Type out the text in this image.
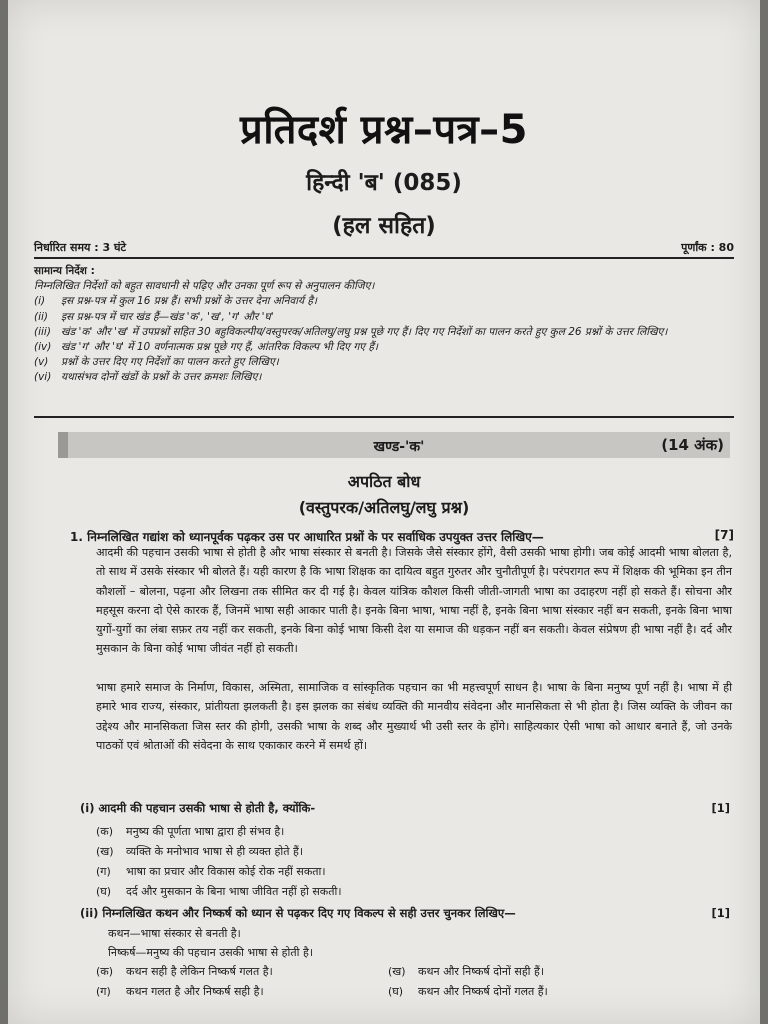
प्रतिदर्श प्रश्न–पत्र–5
हिन्दी 'ब' (085)
(हल सहित)
निर्धारित समय : 3 घंटे	पूर्णांक : 80
सामान्य निर्देश :
निम्नलिखित निर्देशों को बहुत सावधानी से पढ़िए और उनका पूर्ण रूप से अनुपालन कीजिए।
(i)	इस प्रश्न-पत्र में कुल 16 प्रश्न हैं। सभी प्रश्नों के उत्तर देना अनिवार्य है।
(ii)	इस प्रश्न-पत्र में चार खंड हैं—खंड 'क', 'ख', 'ग' और 'घ'
(iii) खंड 'क' और 'ख' में उपप्रश्नों सहित 30 बहुविकल्पीय/वस्तुपरक/अतिलघु/लघु प्रश्न पूछे गए हैं। दिए गए निर्देशों का पालन करते हुए कुल 26 प्रश्नों के उत्तर लिखिए।
(iv) खंड 'ग' और 'घ' में 10 वर्णनात्मक प्रश्न पूछे गए हैं, आंतरिक विकल्प भी दिए गए हैं।
(v)	प्रश्नों के उत्तर दिए गए निर्देशों का पालन करते हुए लिखिए।
(vi) यथासंभव दोनों खंडों के प्रश्नों के उत्तर क्रमशः लिखिए।
खण्ड-'क'	(14 अंक)
अपठित बोध
(वस्तुपरक/अतिलघु/लघु प्रश्न)
1. निम्नलिखित गद्यांश को ध्यानपूर्वक पढ़कर उस पर आधारित प्रश्नों के पर सर्वाधिक उपयुक्त उत्तर लिखिए—	[7]
आदमी की पहचान उसकी भाषा से होती है और भाषा संस्कार से बनती है। जिसके जैसे संस्कार होंगे, वैसी उसकी भाषा होगी। जब कोई आदमी भाषा बोलता है, तो साथ में उसके संस्कार भी बोलते हैं। यही कारण है कि भाषा शिक्षक का दायित्व बहुत गुरुतर और चुनौतीपूर्ण है। परंपरागत रूप में शिक्षक की भूमिका इन तीन कौशलों – बोलना, पढ़ना और लिखना तक सीमित कर दी गई है। केवल यांत्रिक कौशल किसी जीती-जागती भाषा का उदाहरण नहीं हो सकते हैं। सोचना और महसूस करना दो ऐसे कारक हैं, जिनमें भाषा सही आकार पाती है। इनके बिना भाषा, भाषा नहीं है, इनके बिना भाषा संस्कार नहीं बन सकती, इनके बिना भाषा युगों-युगों का लंबा सफ़र तय नहीं कर सकती, इनके बिना कोई भाषा किसी देश या समाज की धड़कन नहीं बन सकती। केवल संप्रेषण ही भाषा नहीं है। दर्द और मुसकान के बिना कोई भाषा जीवंत नहीं हो सकती।
भाषा हमारे समाज के निर्माण, विकास, अस्मिता, सामाजिक व सांस्कृतिक पहचान का भी महत्त्वपूर्ण साधन है। भाषा के बिना मनुष्य पूर्ण नहीं है। भाषा में ही हमारे भाव राज्य, संस्कार, प्रांतीयता झलकती है। इस झलक का संबंध व्यक्ति की मानवीय संवेदना और मानसिकता से भी होता है। जिस व्यक्ति के जीवन का उद्देश्य और मानसिकता जिस स्तर की होगी, उसकी भाषा के शब्द और मुख्यार्थ भी उसी स्तर के होंगे। साहित्यकार ऐसी भाषा को आधार बनाते हैं, जो उनके पाठकों एवं श्रोताओं की संवेदना के साथ एकाकार करने में समर्थ हों।
(i) आदमी की पहचान उसकी भाषा से होती है, क्योंकि-	[1]
(क) मनुष्य की पूर्णता भाषा द्वारा ही संभव है।
(ख) व्यक्ति के मनोभाव भाषा से ही व्यक्त होते हैं।
(ग) भाषा का प्रचार और विकास कोई रोक नहीं सकता।
(घ) दर्द और मुसकान के बिना भाषा जीवित नहीं हो सकती।
(ii) निम्नलिखित कथन और निष्कर्ष को ध्यान से पढ़कर दिए गए विकल्प से सही उत्तर चुनकर लिखिए—	[1]
कथन—भाषा संस्कार से बनती है।
निष्कर्ष—मनुष्य की पहचान उसकी भाषा से होती है।
(क) कथन सही है लेकिन निष्कर्ष गलत है।	(ख) कथन और निष्कर्ष दोनों सही हैं।
(ग) कथन गलत है और निष्कर्ष सही है।	(घ) कथन और निष्कर्ष दोनों गलत हैं।
